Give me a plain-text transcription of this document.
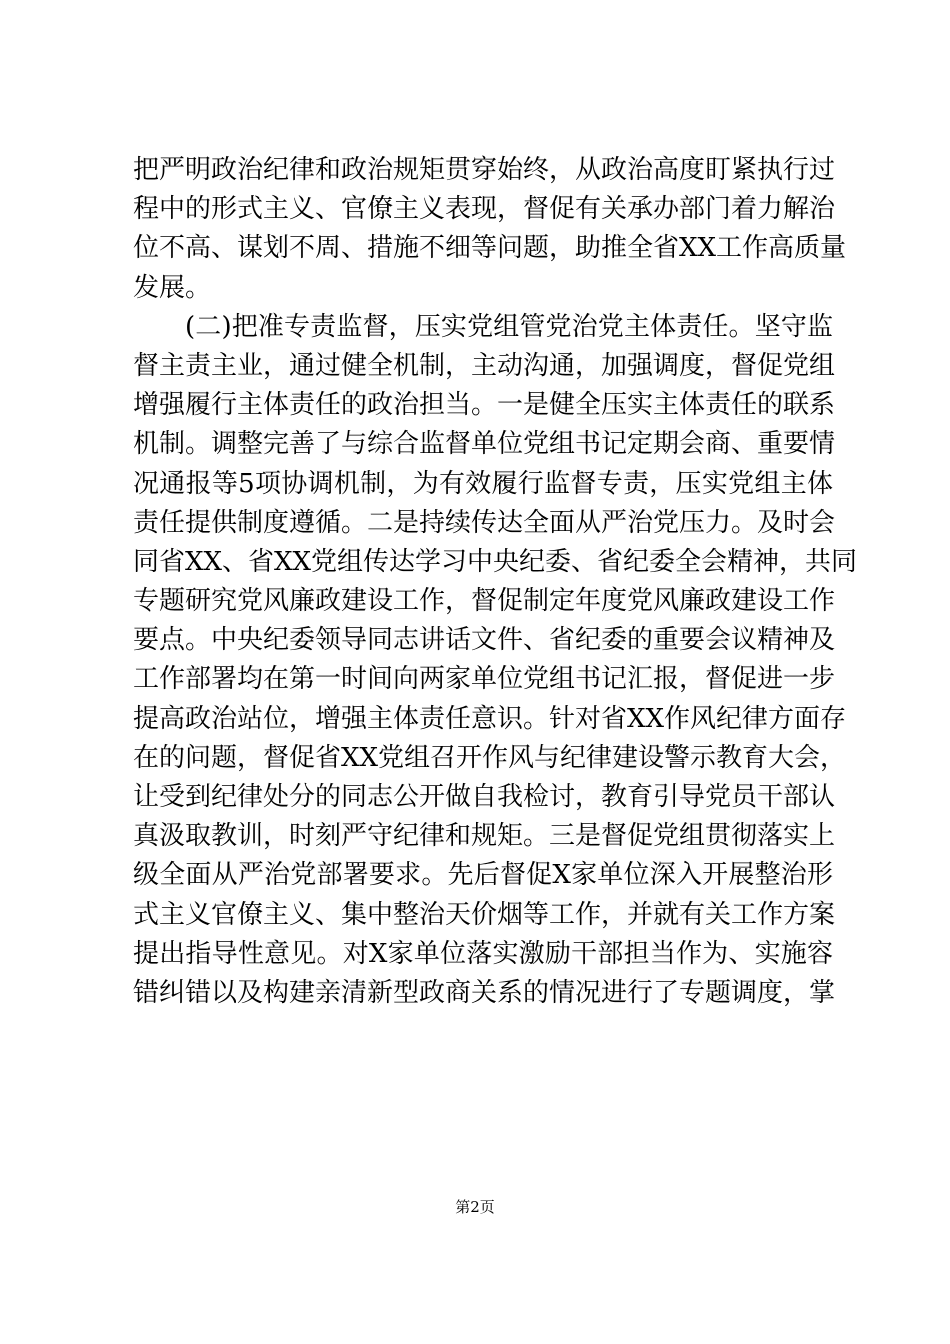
把严明政治纪律和政治规矩贯穿始终，从政治高度盯紧执行过
程中的形式主义、官僚主义表现，督促有关承办部门着力解治
位不高、谋划不周、措施不细等问题，助推全省XX工作高质量
发展。
(二)把准专责监督，压实党组管党治党主体责任。坚守监
督主责主业，通过健全机制，主动沟通，加强调度，督促党组
增强履行主体责任的政治担当。一是健全压实主体责任的联系
机制。调整完善了与综合监督单位党组书记定期会商、重要情
况通报等5项协调机制，为有效履行监督专责，压实党组主体
责任提供制度遵循。二是持续传达全面从严治党压力。及时会
同省XX、省XX党组传达学习中央纪委、省纪委全会精神，共同
专题研究党风廉政建设工作，督促制定年度党风廉政建设工作
要点。中央纪委领导同志讲话文件、省纪委的重要会议精神及
工作部署均在第一时间向两家单位党组书记汇报，督促进一步
提高政治站位，增强主体责任意识。针对省XX作风纪律方面存
在的问题，督促省XX党组召开作风与纪律建设警示教育大会，
让受到纪律处分的同志公开做自我检讨，教育引导党员干部认
真汲取教训，时刻严守纪律和规矩。三是督促党组贯彻落实上
级全面从严治党部署要求。先后督促X家单位深入开展整治形
式主义官僚主义、集中整治天价烟等工作，并就有关工作方案
提出指导性意见。对X家单位落实激励干部担当作为、实施容
错纠错以及构建亲清新型政商关系的情况进行了专题调度，掌
第2页
